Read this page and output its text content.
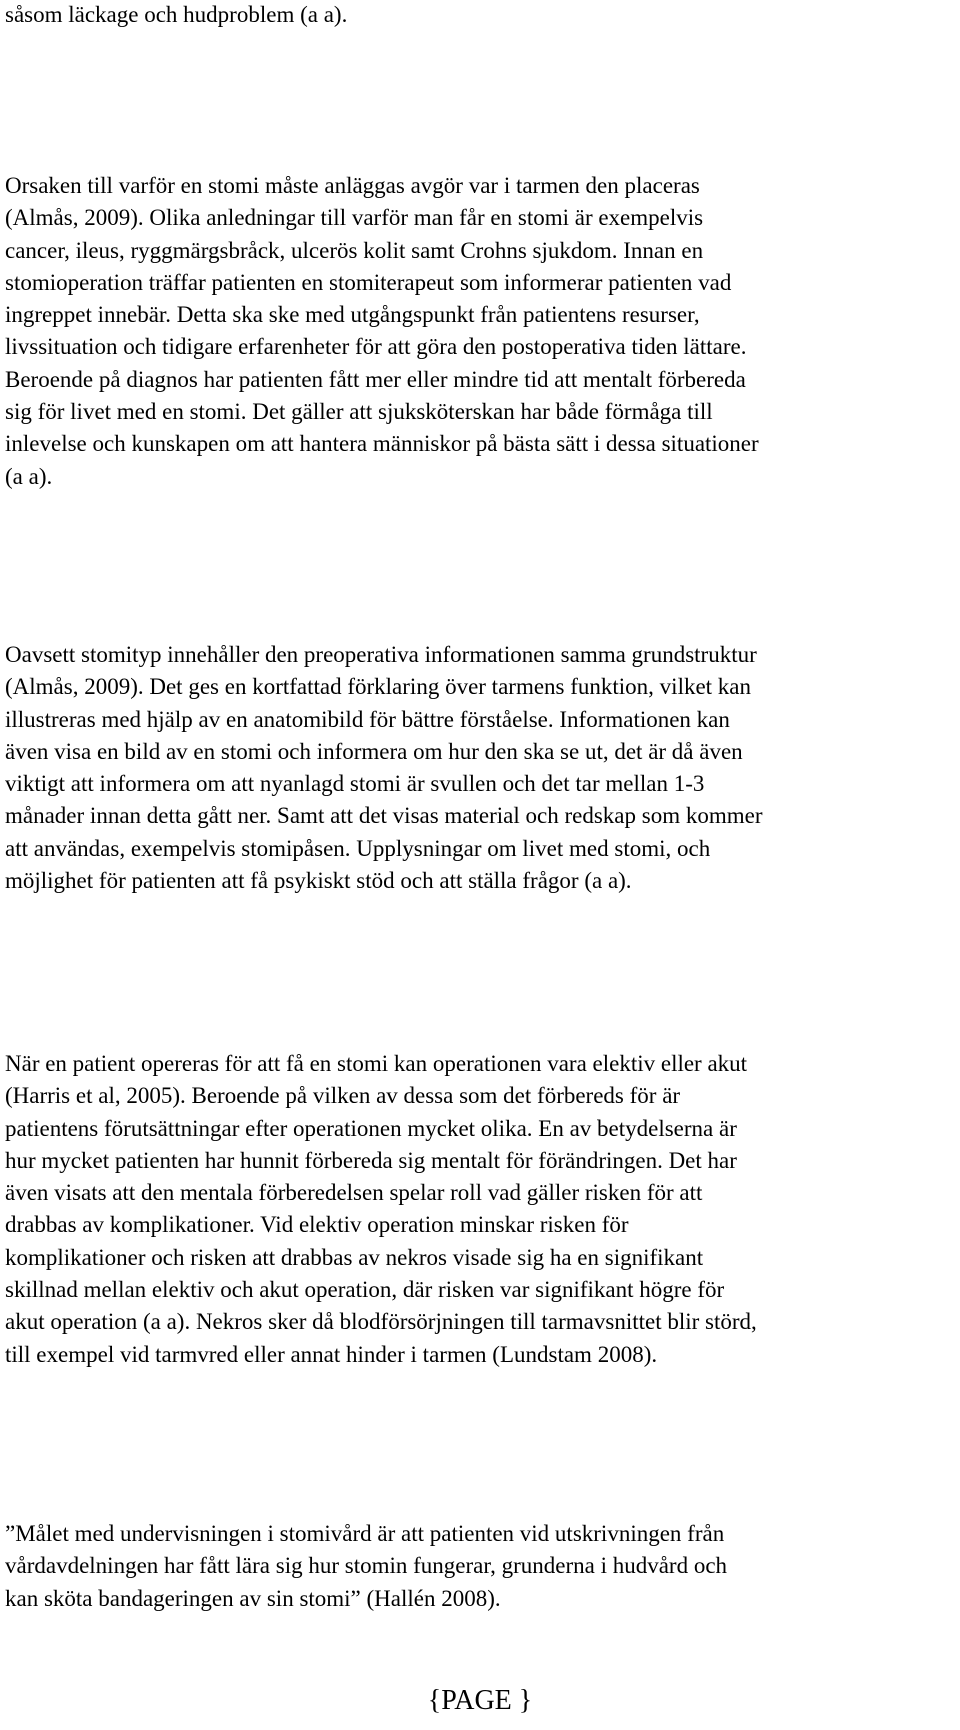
såsom läckage och hudproblem (a a).

Orsaken till varför en stomi måste anläggas avgör var i tarmen den placeras
(Almås, 2009). Olika anledningar till varför man får en stomi är exempelvis
cancer, ileus, ryggmärgsbråck, ulcerös kolit samt Crohns sjukdom. Innan en
stomioperation träffar patienten en stomiterapeut som informerar patienten vad
ingreppet innebär. Detta ska ske med utgångspunkt från patientens resurser,
livssituation och tidigare erfarenheter för att göra den postoperativa tiden lättare.
Beroende på diagnos har patienten fått mer eller mindre tid att mentalt förbereda
sig för livet med en stomi. Det gäller att sjuksköterskan har både förmåga till
inlevelse och kunskapen om att hantera människor på bästa sätt i dessa situationer
(a a).

Oavsett stomityp innehåller den preoperativa informationen samma grundstruktur
(Almås, 2009). Det ges en kortfattad förklaring över tarmens funktion, vilket kan
illustreras med hjälp av en anatomibild för bättre förståelse. Informationen kan
även visa en bild av en stomi och informera om hur den ska se ut, det är då även
viktigt att informera om att nyanlagd stomi är svullen och det tar mellan 1-3
månader innan detta gått ner. Samt att det visas material och redskap som kommer
att användas, exempelvis stomipåsen. Upplysningar om livet med stomi, och
möjlighet för patienten att få psykiskt stöd och att ställa frågor (a a).

När en patient opereras för att få en stomi kan operationen vara elektiv eller akut
(Harris et al, 2005). Beroende på vilken av dessa som det förbereds för är
patientens förutsättningar efter operationen mycket olika. En av betydelserna är
hur mycket patienten har hunnit förbereda sig mentalt för förändringen. Det har
även visats att den mentala förberedelsen spelar roll vad gäller risken för att
drabbas av komplikationer. Vid elektiv operation minskar risken för
komplikationer och risken att drabbas av nekros visade sig ha en signifikant
skillnad mellan elektiv och akut operation, där risken var signifikant högre för
akut operation (a a). Nekros sker då blodförsörjningen till tarmavsnittet blir störd,
till exempel vid tarmvred eller annat hinder i tarmen (Lundstam 2008).

”Målet med undervisningen i stomivård är att patienten vid utskrivningen från
vårdavdelningen har fått lära sig hur stomin fungerar, grunderna i hudvård och
kan sköta bandageringen av sin stomi” (Hallén 2008).

{PAGE }
